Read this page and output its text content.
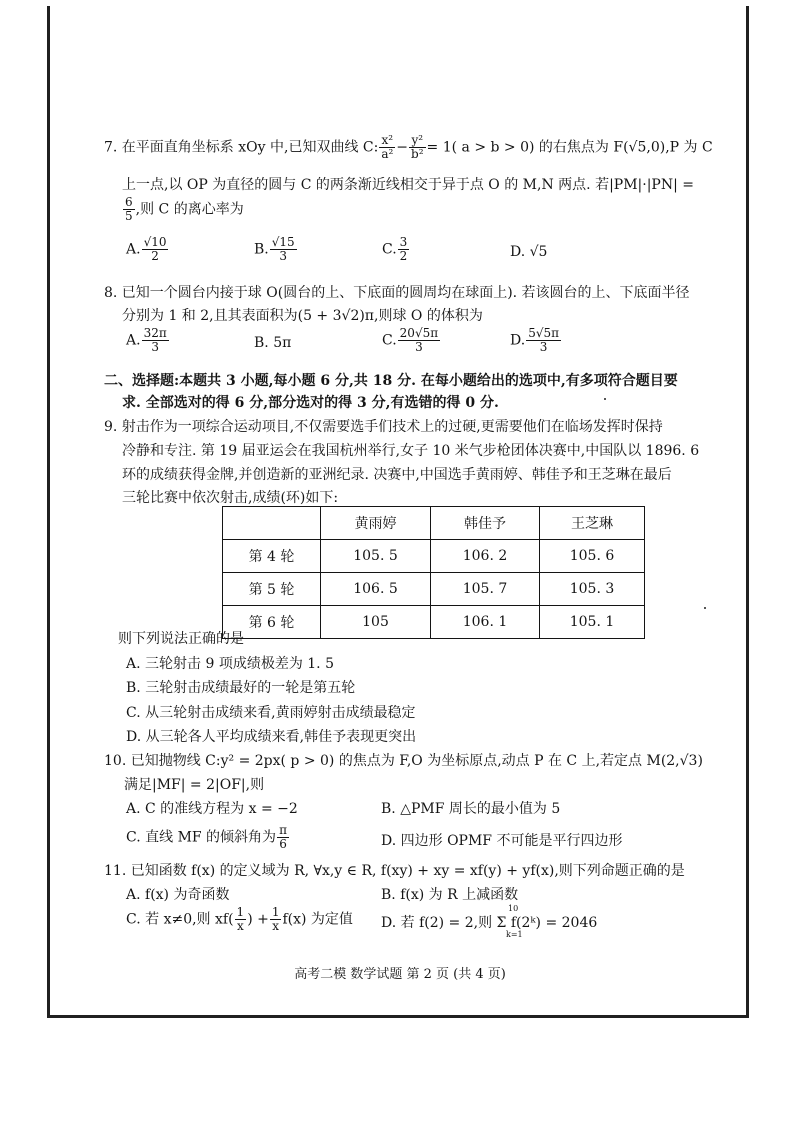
7. 在平面直角坐标系 xOy 中,已知双曲线 C: $\frac{\text{x²}}{\text{a²}} - \frac{\text{y²}}{\text{b²}} = 1$( a > b > 0) 的右焦点为 F(√5,0),P 为 C
上一点,以 OP 为直径的圆与 C 的两条渐近线相交于异于点 O 的 M,N 两点. 若|PM|·|PN| =
$\frac{6}{5}$ ,则 C 的离心率为
A. $\frac{√10}{2}$	B. $\frac{√15}{3}$	C. $\frac{3}{2}$	D. √5
8. 已知一个圆台内接于球 O(圆台的上、下底面的圆周均在球面上). 若该圆台的上、下底面半径
分别为 1 和 2,且其表面积为(5 + 3√2)π,则球 O 的体积为
A. $\frac{32\pi}{3}$	B. 5π	C. $\frac{20√5\pi}{3}$	D. $\frac{5√5\pi}{3}$
二、选择题:本题共 3 小题,每小题 6 分,共 18 分. 在每小题给出的选项中,有多项符合题目要
求. 全部选对的得 6 分,部分选对的得 3 分,有选错的得 0 分.
9. 射击作为一项综合运动项目,不仅需要选手们技术上的过硬,更需要他们在临场发挥时保持
冷静和专注. 第 19 届亚运会在我国杭州举行,女子 10 米气步枪团体决赛中,中国队以 1896. 6
环的成绩获得金牌,并创造新的亚洲纪录. 决赛中,中国选手黄雨婷、韩佳予和王芝琳在最后
三轮比赛中依次射击,成绩(环)如下:
	黄雨婷	韩佳予	王芝琳
第 4 轮	105. 5	106. 2	105. 6
第 5 轮	106. 5	105. 7	105. 3
第 6 轮	105	106. 1	105. 1
则下列说法正确的是
A. 三轮射击 9 项成绩极差为 1. 5
B. 三轮射击成绩最好的一轮是第五轮
C. 从三轮射击成绩来看,黄雨婷射击成绩最稳定
D. 从三轮各人平均成绩来看,韩佳予表现更突出
10. 已知抛物线 C:y² = 2px( p > 0) 的焦点为 F,O 为坐标原点,动点 P 在 C 上,若定点 M(2,√3)
满足|MF| = 2|OF|,则
A. C 的准线方程为 x = −2	B. △PMF 周长的最小值为 5
C. 直线 MF 的倾斜角为 $\frac{\pi}{6}$	D. 四边形 OPMF 不可能是平行四边形
11. 已知函数 f(x) 的定义域为 R, ∀x,y ∈ R, f(xy) + xy = xf(y) + yf(x),则下列命题正确的是
A. f(x) 为奇函数	B. f(x) 为 R 上减函数
C. 若 x≠0,则 $xf( \frac{1}{x}$ ) + $\frac{1}{x} f(x)$ 为定值 D. 若 f(2) = 2,则 Σ f(2ᵏ) = 2046
10
k=1
高考二模 数学试题 第 2 页 (共 4 页)
